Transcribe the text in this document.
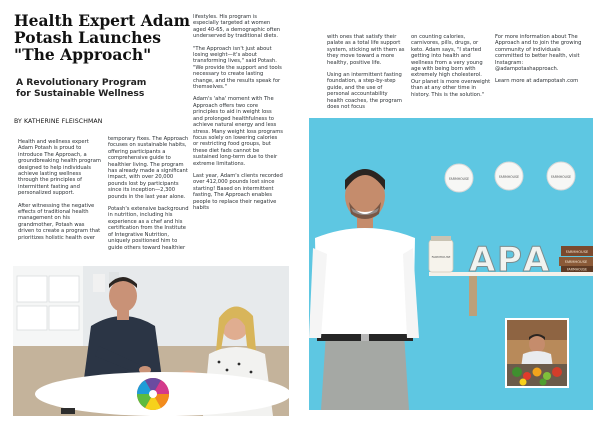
Health Expert Adam
Potash Launches
"The Approach"
A Revolutionary Program
for Sustainable Wellness
BY KATHERINE FLEISCHMAN

Health and wellness expert Adam Potash is proud to introduce The Approach, a groundbreaking health program designed to help individuals achieve lasting wellness through the principles of intermittent fasting and personalized support.

After witnessing the negative effects of traditional health management on his grandmother, Potash was driven to create a program that prioritizes holistic health over

temporary fixes. The Approach focuses on sustainable habits, offering participants a comprehensive guide to healthier living. The program has already made a significant impact, with over 20,000 pounds lost by participants since its inception—2,300 pounds in the last year alone.

Potash's extensive background in nutrition, including his experience as a chef and his certification from the Institute of Integrative Nutrition, uniquely positioned him to guide others toward healthier

lifestyles. His program is especially targeted at women aged 40-65, a demographic often underserved by traditional diets.

"The Approach isn't just about losing weight—it's about transforming lives," said Potash. "We provide the support and tools necessary to create lasting change, and the results speak for themselves."

Adam's 'aha' moment with The Approach offers two core principles to aid in weight loss and prolonged healthfulness to achieve natural energy and less stress. Many weight loss programs focus solely on lowering calories or restricting food groups, but these diet fads cannot be sustained long-term due to their extreme limitations.

Last year, Adam's clients recorded over 412,000 pounds lost since starting! Based on intermittent fasting, The Approach enables people to replace their negative habits

with ones that satisfy their palate as a total life support system, sticking with them as they move toward a more healthy, positive life.

Using an intermittent fasting foundation, a step-by-step guide, and the use of personal accountability health coaches, the program does not focus

on counting calories, carnivores, pills, drugs, or keto. Adam says, "I started getting into health and wellness from a very young age with being born with extremely high cholesterol. Our planet is more overweight than at any other time in history. This is the solution."

For more information about The Approach and to join the growing community of individuals committed to better health, visit Instagram: @adampotashapproach.

Learn more at adampotash.com

FARMHOUSE	FARMHOUSE	FARMHOUSE
FARMHOUSE A P A	FARMHOUSE
FARMHOUSE
FARMHOUSE
